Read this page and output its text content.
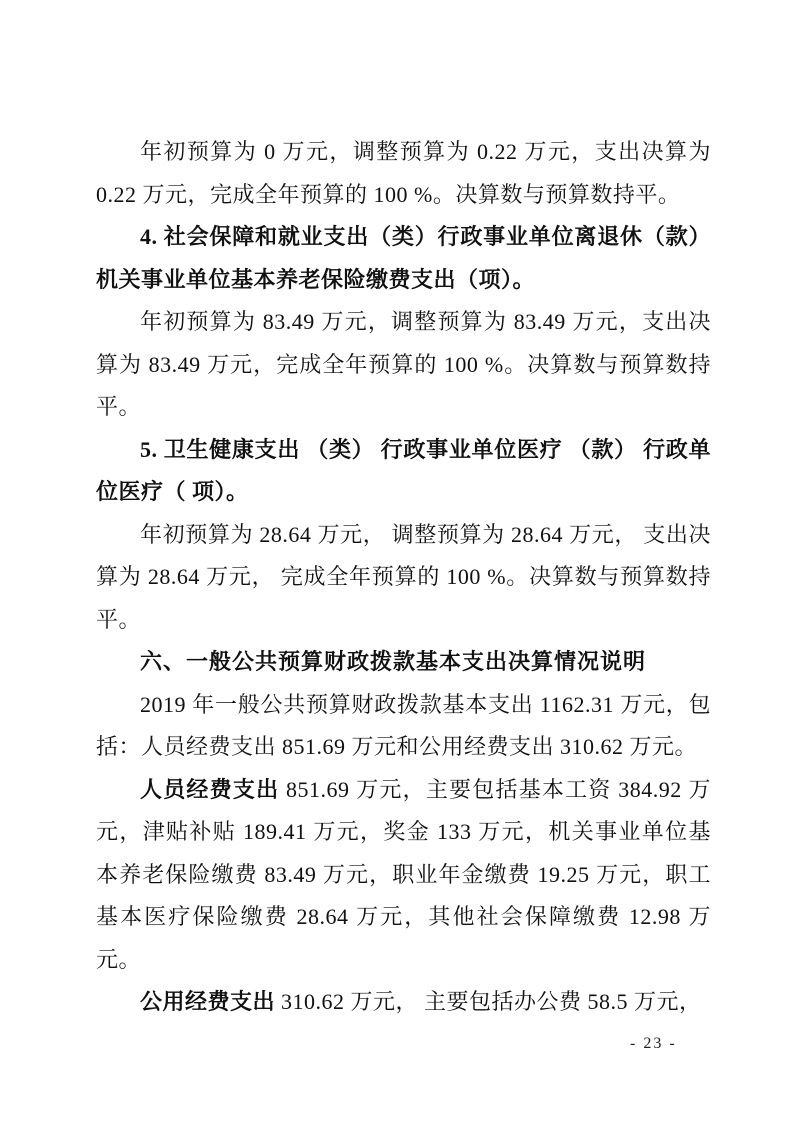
年初预算为 0 万元，调整预算为 0.22 万元，支出决算为 0.22 万元，完成全年预算的 100 %。决算数与预算数持平。

4. 社会保障和就业支出（类）行政事业单位离退休（款）机关事业单位基本养老保险缴费支出（项）。

年初预算为 83.49 万元，调整预算为 83.49 万元，支出决算为 83.49 万元，完成全年预算的 100 %。决算数与预算数持平。

5. 卫生健康支出 （类） 行政事业单位医疗 （款） 行政单位医疗（ 项）。

年初预算为 28.64 万元， 调整预算为 28.64 万元， 支出决算为 28.64 万元， 完成全年预算的 100 %。决算数与预算数持平。

六、一般公共预算财政拨款基本支出决算情况说明

2019 年一般公共预算财政拨款基本支出 1162.31 万元，包括：人员经费支出 851.69 万元和公用经费支出 310.62 万元。

人员经费支出 851.69 万元，主要包括基本工资 384.92 万元，津贴补贴 189.41 万元，奖金 133 万元，机关事业单位基本养老保险缴费 83.49 万元，职业年金缴费 19.25 万元，职工基本医疗保险缴费 28.64 万元，其他社会保障缴费 12.98 万元。

公用经费支出 310.62 万元， 主要包括办公费 58.5 万元，

- 23 -
